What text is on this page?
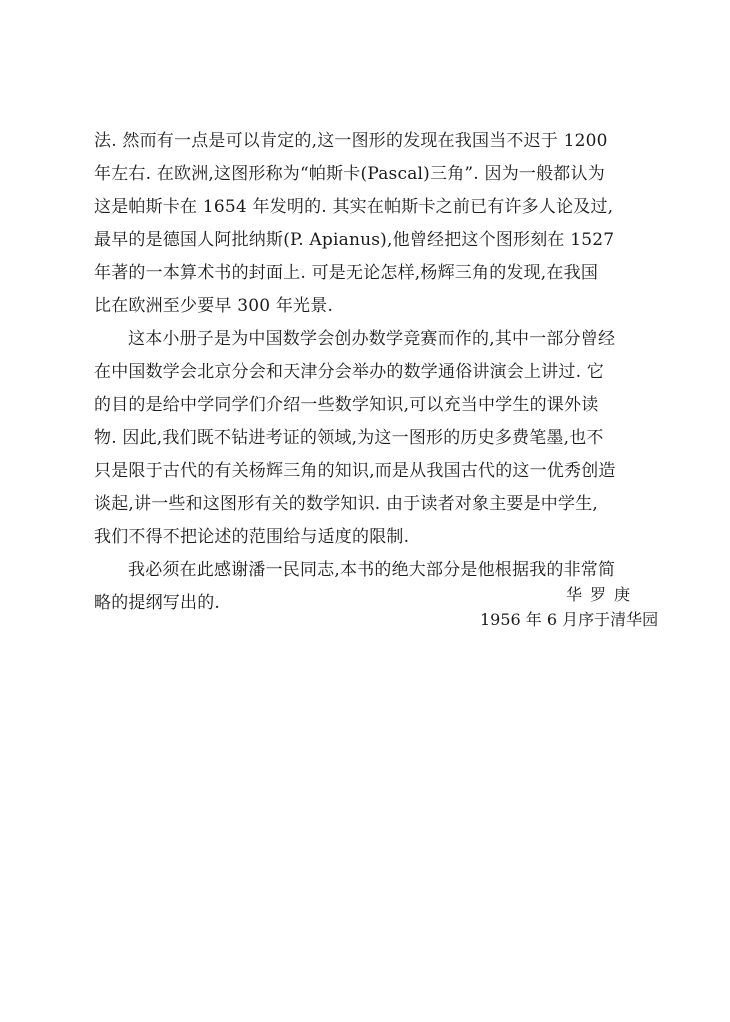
法. 然而有一点是可以肯定的,这一图形的发现在我国当不迟于 1200
年左右. 在欧洲,这图形称为“帕斯卡(Pascal)三角”. 因为一般都认为
这是帕斯卡在 1654 年发明的. 其实在帕斯卡之前已有许多人论及过,
最早的是德国人阿批纳斯(P. Apianus),他曾经把这个图形刻在 1527
年著的一本算术书的封面上. 可是无论怎样,杨辉三角的发现,在我国
比在欧洲至少要早 300 年光景.
这本小册子是为中国数学会创办数学竞赛而作的,其中一部分曾经
在中国数学会北京分会和天津分会举办的数学通俗讲演会上讲过. 它
的目的是给中学同学们介绍一些数学知识,可以充当中学生的课外读
物. 因此,我们既不钻进考证的领域,为这一图形的历史多费笔墨,也不
只是限于古代的有关杨辉三角的知识,而是从我国古代的这一优秀创造
谈起,讲一些和这图形有关的数学知识. 由于读者对象主要是中学生,
我们不得不把论述的范围给与适度的限制.
我必须在此感谢潘一民同志,本书的绝大部分是他根据我的非常简
略的提纲写出的.	华罗庚
1956 年 6 月序于清华园
